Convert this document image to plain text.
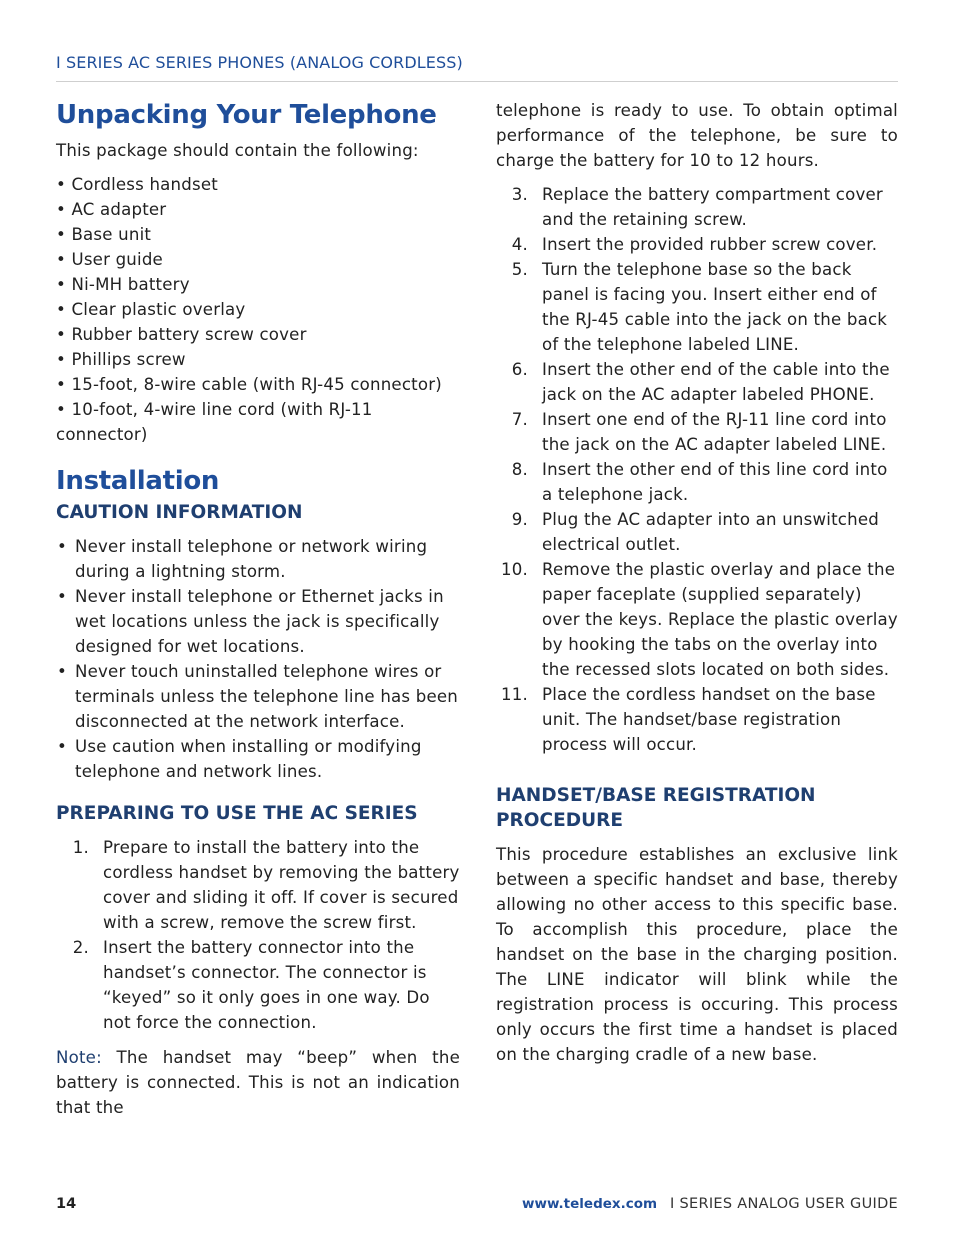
I SERIES AC SERIES PHONES (ANALOG CORDLESS)
Unpacking Your Telephone

This package should contain the following:

• Cordless handset
• AC adapter
• Base unit
• User guide
• Ni-MH battery
• Clear plastic overlay
• Rubber battery screw cover
• Phillips screw
• 15-foot, 8-wire cable (with RJ-45 connector)
• 10-foot, 4-wire line cord (with RJ-11 connector)
Installation
CAUTION INFORMATION
• Never install telephone or network wiring during a lightning storm.
• Never install telephone or Ethernet jacks in wet locations unless the jack is specifically designed for wet locations.
• Never touch uninstalled telephone wires or terminals unless the telephone line has been disconnected at the network interface.
• Use caution when installing or modifying telephone and network lines.
PREPARING TO USE THE AC SERIES
1. Prepare to install the battery into the cordless handset by removing the battery cover and sliding it off. If cover is secured with a screw, remove the screw first.
2. Insert the battery connector into the handset’s connector. The connector is “keyed” so it only goes in one way. Do not force the connection.

Note: The handset may “beep” when the battery is connected. This is not an indication that the

telephone is ready to use. To obtain optimal performance of the telephone, be sure to charge the battery for 10 to 12 hours.

3. Replace the battery compartment cover and the retaining screw.
4. Insert the provided rubber screw cover.
5. Turn the telephone base so the back panel is facing you. Insert either end of the RJ-45 cable into the jack on the back of the telephone labeled LINE.
6. Insert the other end of the cable into the jack on the AC adapter labeled PHONE.
7. Insert one end of the RJ-11 line cord into the jack on the AC adapter labeled LINE.
8. Insert the other end of this line cord into a telephone jack.
9. Plug the AC adapter into an unswitched electrical outlet.
10. Remove the plastic overlay and place the paper faceplate (supplied separately) over the keys. Replace the plastic overlay by hooking the tabs on the overlay into the recessed slots located on both sides.
11. Place the cordless handset on the base unit. The handset/base registration process will occur.
HANDSET/BASE REGISTRATION PROCEDURE

This procedure establishes an exclusive link between a specific handset and base, thereby allowing no other access to this specific base. To accomplish this procedure, place the handset on the base in the charging position. The LINE indicator will blink while the registration process is occuring. This process only occurs the first time a handset is placed on the charging cradle of a new base.

14	www.teledex.com I SERIES ANALOG USER GUIDE
